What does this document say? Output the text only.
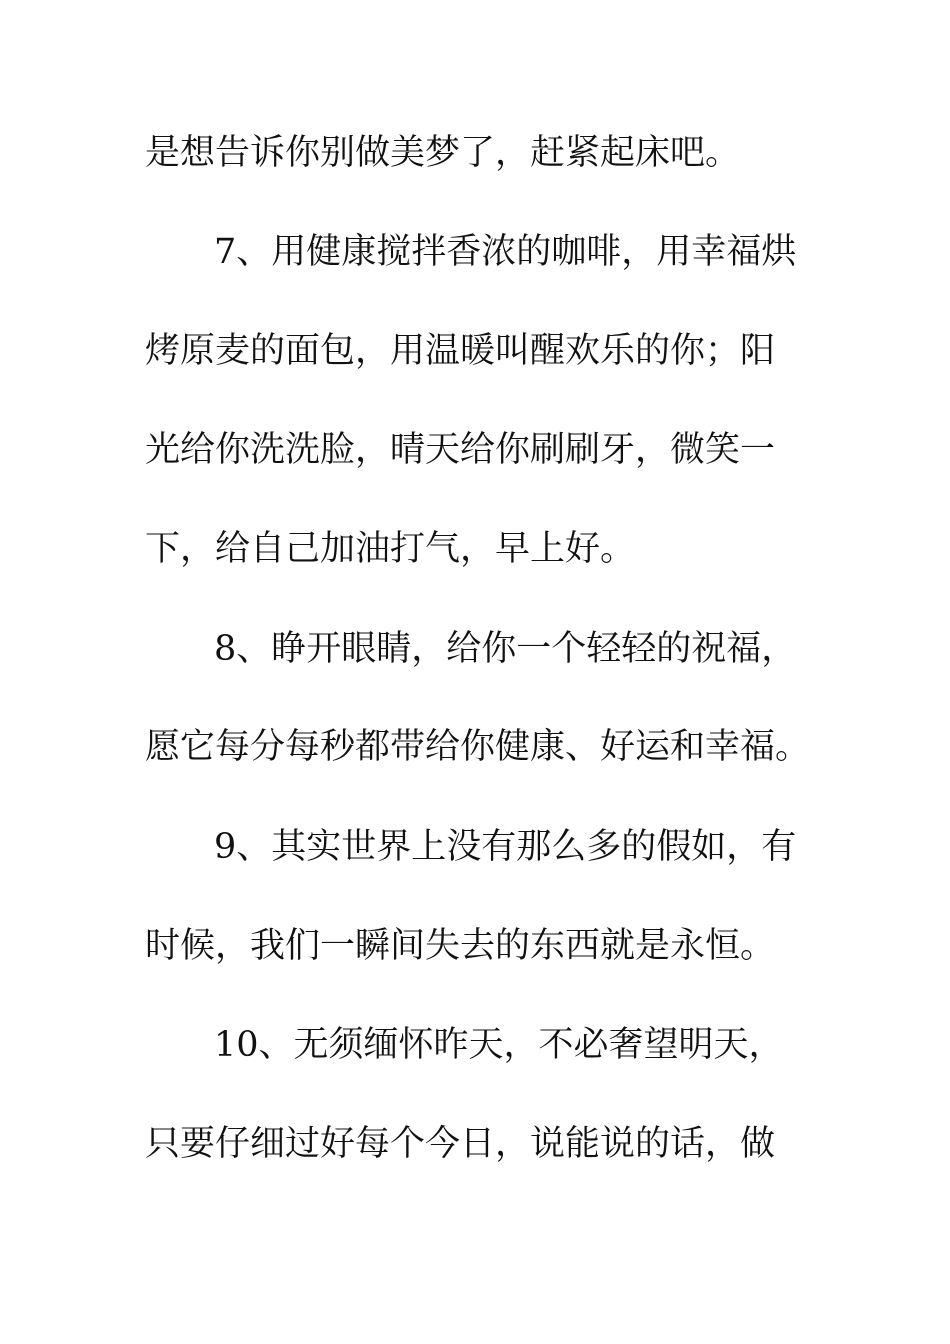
是想告诉你别做美梦了，赶紧起床吧。
7、用健康搅拌香浓的咖啡，用幸福烘
烤原麦的面包，用温暖叫醒欢乐的你；阳
光给你洗洗脸，晴天给你刷刷牙，微笑一
下，给自己加油打气，早上好。
8、睁开眼睛，给你一个轻轻的祝福，
愿它每分每秒都带给你健康、好运和幸福。
9、其实世界上没有那么多的假如，有
时候，我们一瞬间失去的东西就是永恒。
10、无须缅怀昨天，不必奢望明天，
只要仔细过好每个今日，说能说的话，做
